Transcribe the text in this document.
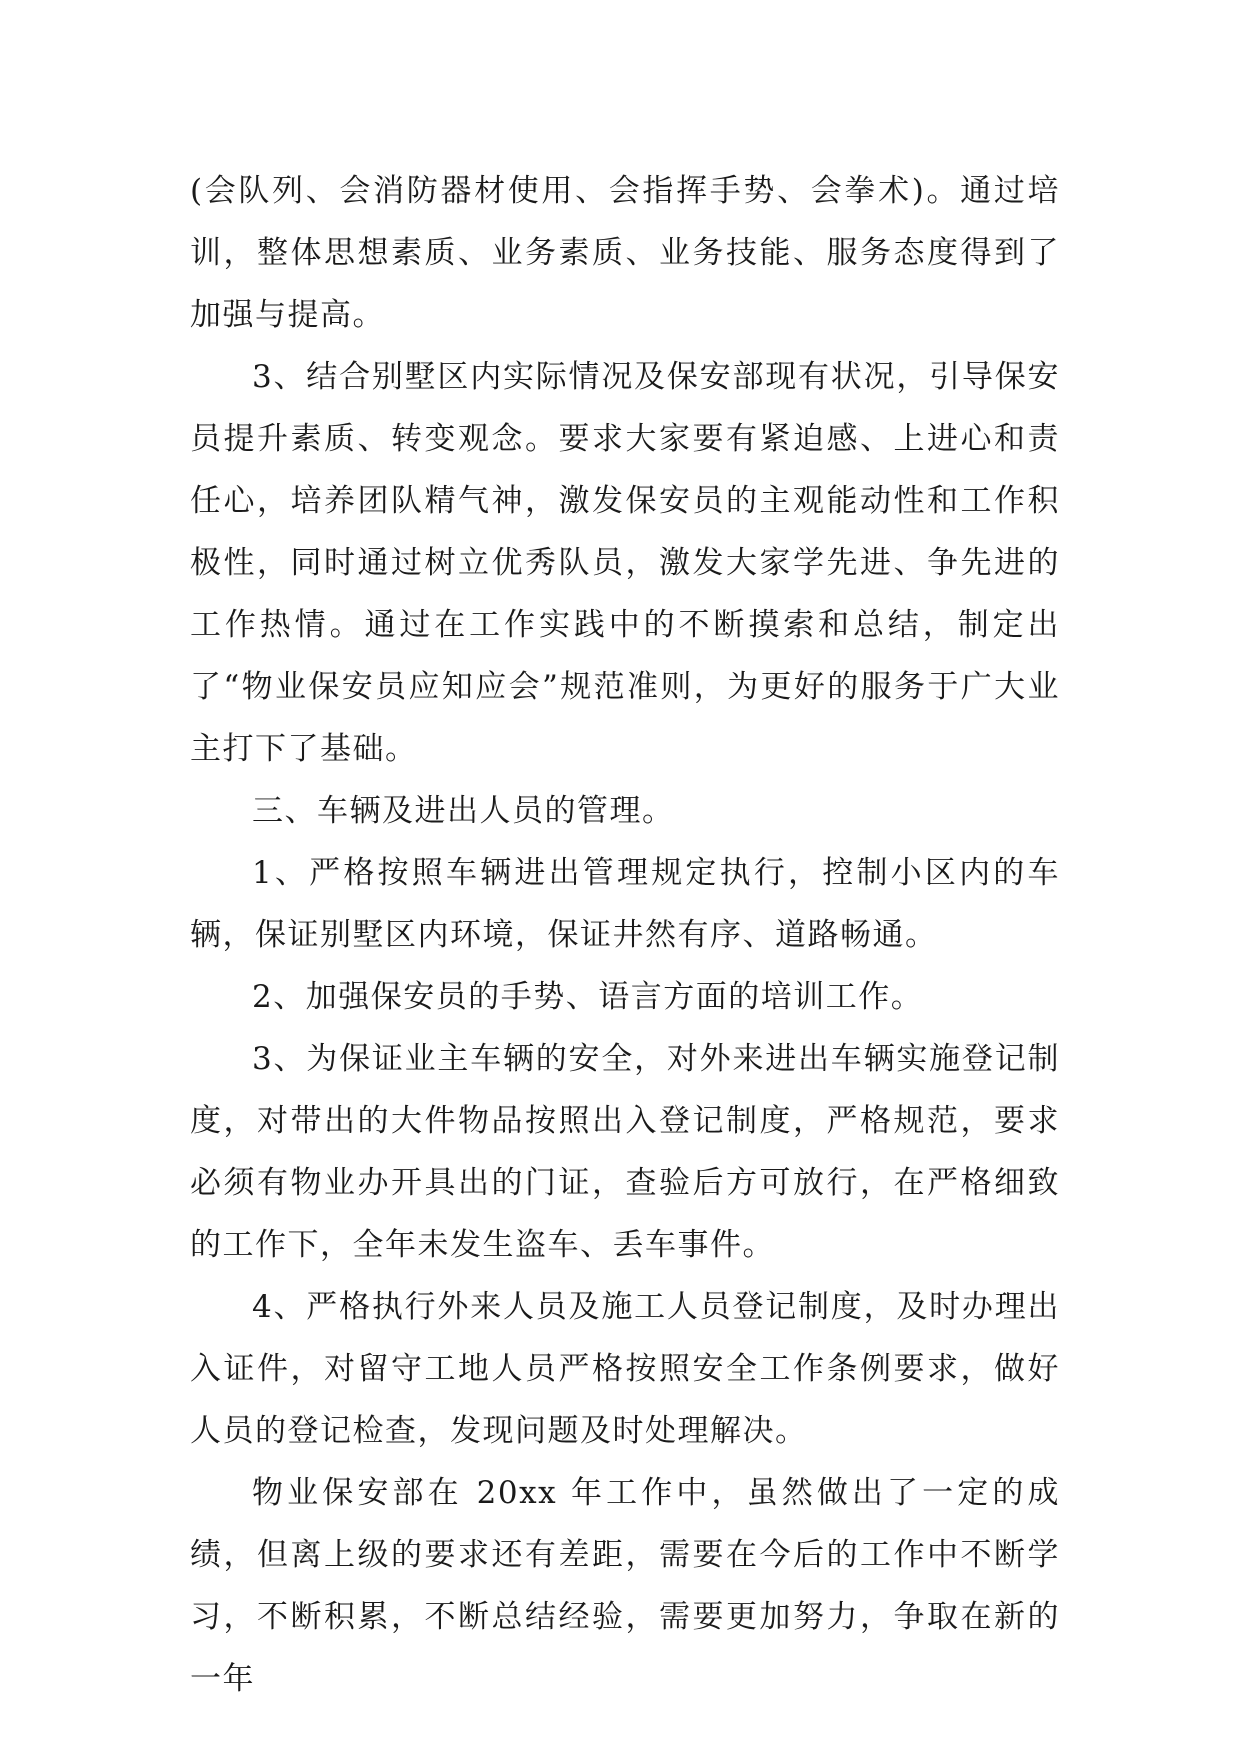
(会队列、会消防器材使用、会指挥手势、会拳术)。通过培训，整体思想素质、业务素质、业务技能、服务态度得到了加强与提高。

3、结合别墅区内实际情况及保安部现有状况，引导保安员提升素质、转变观念。要求大家要有紧迫感、上进心和责任心，培养团队精气神，激发保安员的主观能动性和工作积极性，同时通过树立优秀队员，激发大家学先进、争先进的工作热情。通过在工作实践中的不断摸索和总结，制定出了“物业保安员应知应会”规范准则，为更好的服务于广大业主打下了基础。

三、车辆及进出人员的管理。

1、严格按照车辆进出管理规定执行，控制小区内的车辆，保证别墅区内环境，保证井然有序、道路畅通。

2、加强保安员的手势、语言方面的培训工作。

3、为保证业主车辆的安全，对外来进出车辆实施登记制度，对带出的大件物品按照出入登记制度，严格规范，要求必须有物业办开具出的门证，查验后方可放行，在严格细致的工作下，全年未发生盗车、丢车事件。

4、严格执行外来人员及施工人员登记制度，及时办理出入证件，对留守工地人员严格按照安全工作条例要求，做好人员的登记检查，发现问题及时处理解决。

物业保安部在 20xx 年工作中，虽然做出了一定的成绩，但离上级的要求还有差距，需要在今后的工作中不断学习，不断积累，不断总结经验，需要更加努力，争取在新的一年
